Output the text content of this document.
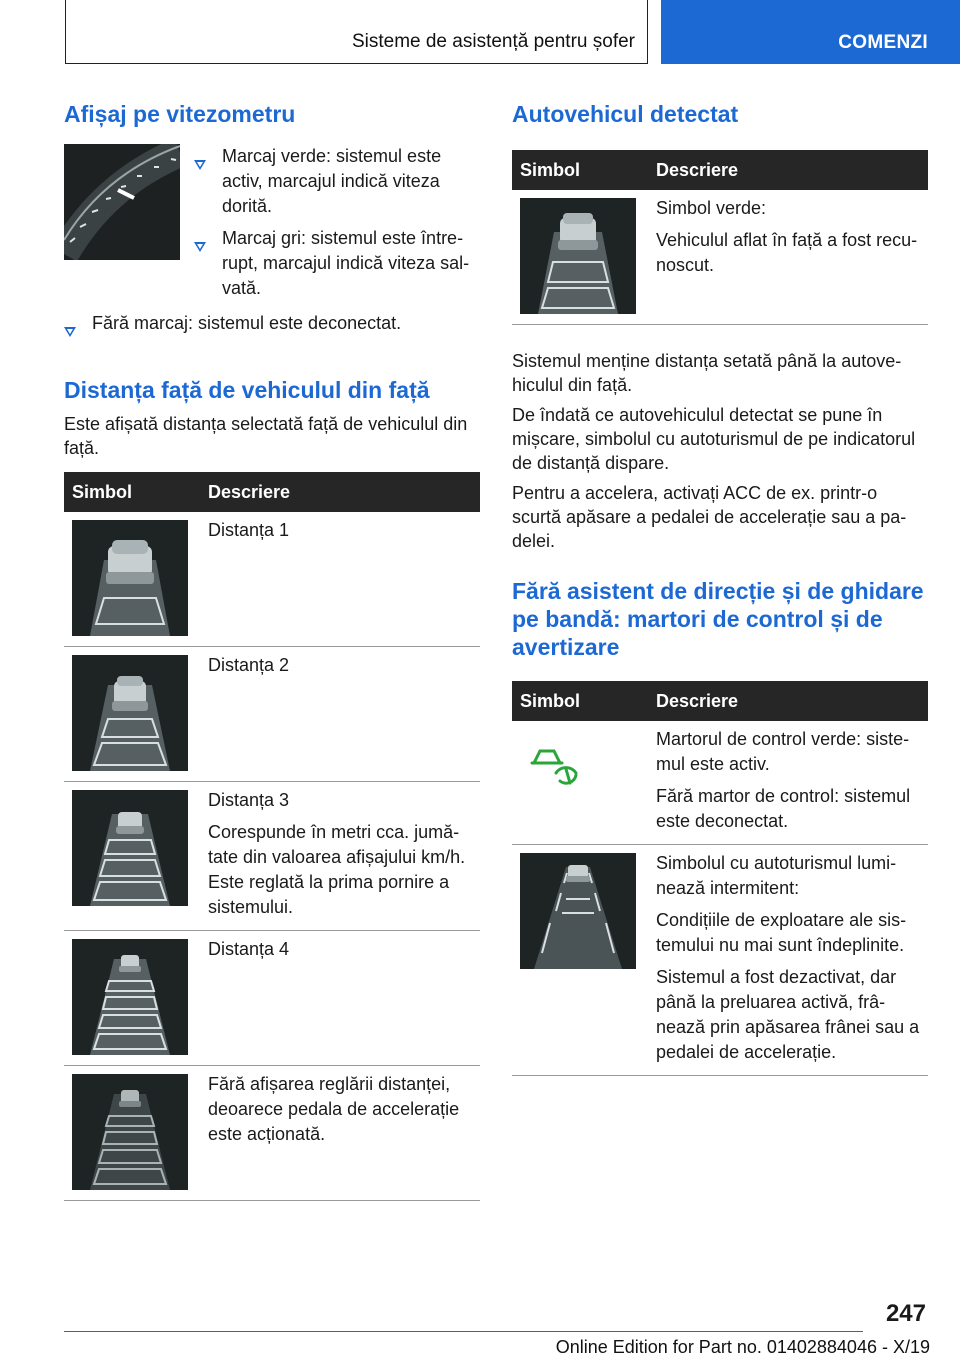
Sisteme de asistență pentru șofer	COMENZI
Afișaj pe vitezometru
Marcaj verde: sistemul este activ, marcajul indică viteza dorită.
Marcaj gri: sistemul este întrerupt, marcajul indică viteza salvată.
Fără marcaj: sistemul este deconectat.
Distanța față de vehiculul din față

Este afișată distanța selectată față de vehiculul din față.

Simbol	Descriere

Distanța 1

Distanța 2

Distanța 3
Corespunde în metri cca. jumătate din valoarea afișajului km/h. Este reglată la prima pornire a sistemului.

Distanța 4

Fără afișarea reglării distanței, deoarece pedala de accelerație este acționată.
Autovehicul detectat
Simbol	Descriere

Simbol verde:
Vehiculul aflat în față a fost recunoscut.

Sistemul menține distanța setată până la autovehiculul din față.

De îndată ce autovehiculul detectat se pune în mișcare, simbolul cu autoturismul de pe indicatorul de distanță dispare.

Pentru a accelera, activați ACC de ex. printr-o scurtă apăsare a pedalei de accelerație sau a padelei.

Fără asistent de direcție și de ghidare pe bandă: martori de control și de avertizare
Simbol	Descriere

Martorul de control verde: sistemul este activ.
Fără martor de control: sistemul este deconectat.

Simbolul cu autoturismul luminează intermitent:
Condițiile de exploatare ale sistemului nu mai sunt îndeplinite.
Sistemul a fost dezactivat, dar până la preluarea activă, frânează prin apăsarea frânei sau a pedalei de accelerație.
247
Online Edition for Part no. 01402884046 - X/19
